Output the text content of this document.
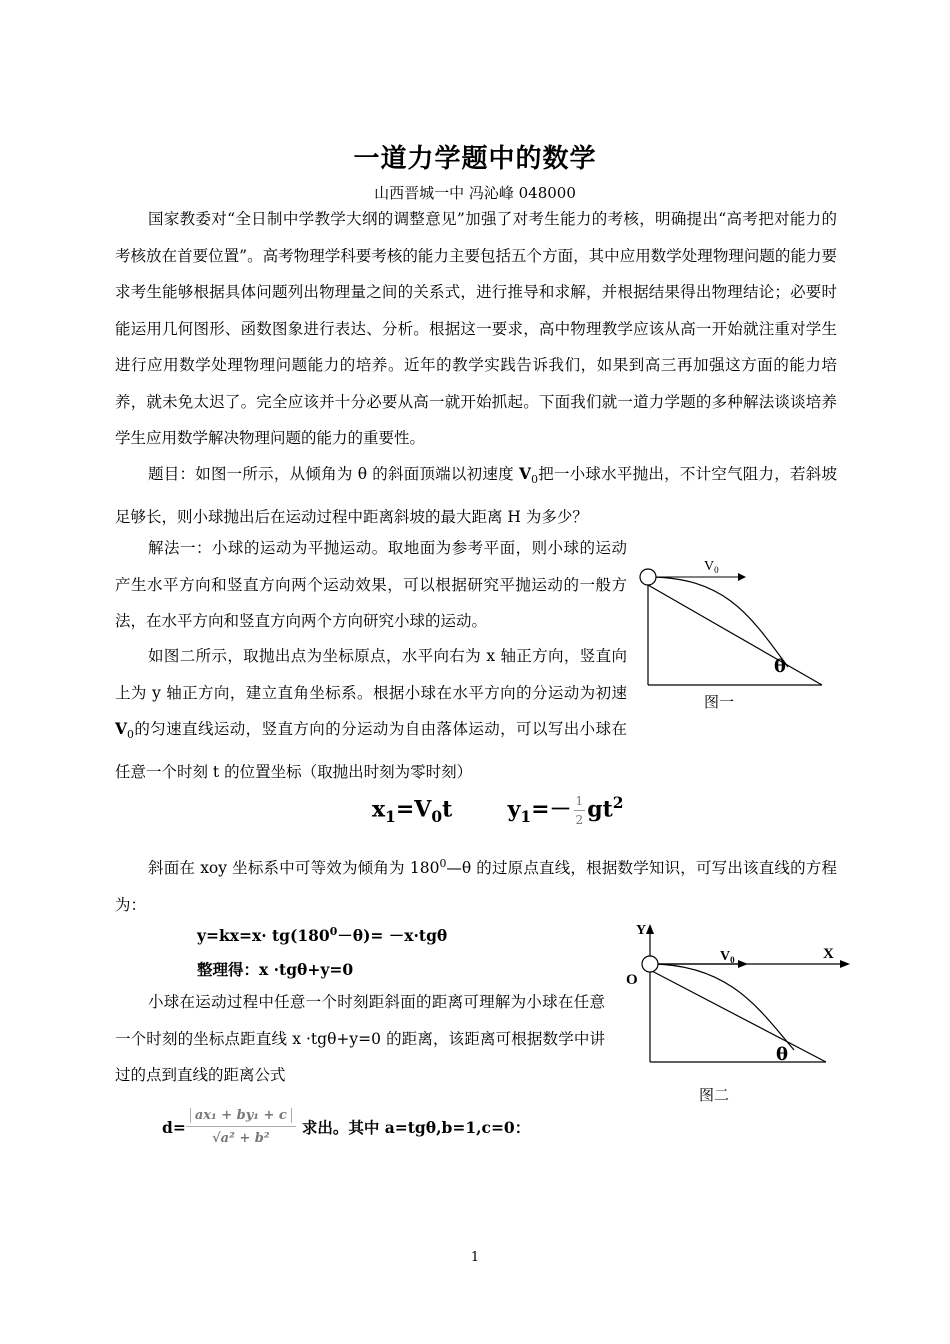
一道力学题中的数学
山西晋城一中 冯沁峰 048000

国家教委对“全日制中学教学大纲的调整意见”加强了对考生能力的考核，明确提出“高考把对能力的考核放在首要位置”。高考物理学科要考核的能力主要包括五个方面，其中应用数学处理物理问题的能力要求考生能够根据具体问题列出物理量之间的关系式，进行推导和求解，并根据结果得出物理结论；必要时能运用几何图形、函数图象进行表达、分析。根据这一要求，高中物理教学应该从高一开始就注重对学生进行应用数学处理物理问题能力的培养。近年的教学实践告诉我们，如果到高三再加强这方面的能力培养，就未免太迟了。完全应该并十分必要从高一就开始抓起。下面我们就一道力学题的多种解法谈谈培养学生应用数学解决物理问题的能力的重要性。

题目：如图一所示，从倾角为 θ 的斜面顶端以初速度 $V_0$把一小球水平抛出，不计空气阻力，若斜坡足够长，则小球抛出后在运动过程中距离斜坡的最大距离 H 为多少？

解法一：小球的运动为平抛运动。取地面为参考平面，则小球的运动产生水平方向和竖直方向两个运动效果，可以根据研究平抛运动的一般方法，在水平方向和竖直方向两个方向研究小球的运动。

如图二所示，取抛出点为坐标原点，水平向右为 x 轴正方向，竖直向上为 y 轴正方向，建立直角坐标系。根据小球在水平方向的分运动为初速 $V_0$的匀速直线运动，竖直方向的分运动为自由落体运动，可以写出小球在任意一个时刻 t 的位置坐标（取抛出时刻为零时刻）

$V_0$
θ
图一
$x_1=V_0t$	$y_1=- \frac{1}{2} gt^2$

斜面在 xoy 坐标系中可等效为倾角为 $180^0—\theta$ 的过原点直线，根据数学知识，可写出该直线的方程为：

$y=kx=x\cdot tg(180^0-\theta)= -x\cdot tg\theta$
整理得：x ·tgθ+y=0

小球在运动过程中任意一个时刻距斜面的距离可理解为小球在任意一个时刻的坐标点距直线 x ·tgθ+y=0 的距离，该距离可根据数学中讲过的点到直线的距离公式

Y
X
O
$V_0$
θ
图二
$d= \frac{\text{ax₁ + by₁ + c}}{\text{√a² + b²}}$ 求出。其中 a=tgθ,b=1,c=0：
1
